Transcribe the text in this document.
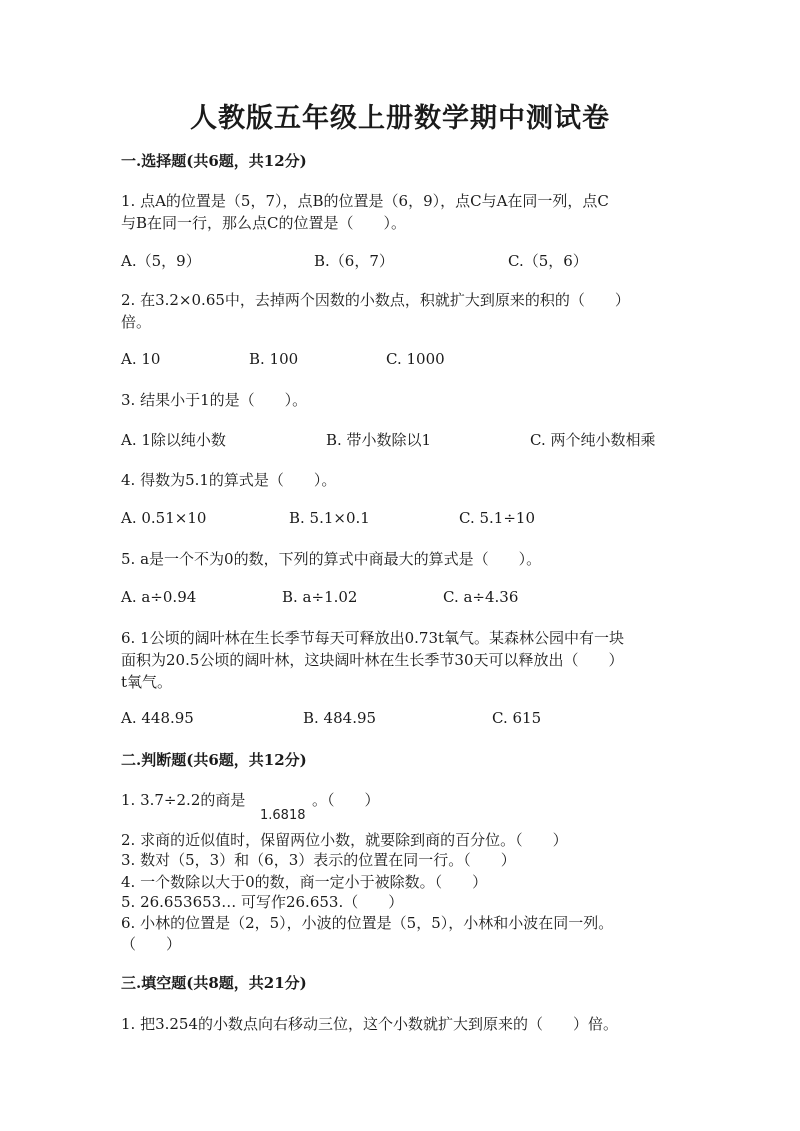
人教版五年级上册数学期中测试卷
一.选择题(共6题，共12分)
1. 点A的位置是（5，7），点B的位置是（6，9），点C与A在同一列，点C
与B在同一行，那么点C的位置是（　　）。
A.（5，9）	B.（6，7）	C.（5，6）
2. 在3.2×0.65中，去掉两个因数的小数点，积就扩大到原来的积的（　　）
倍。
A. 10	B. 100	C. 1000
3. 结果小于1的是（　　）。
A. 1除以纯小数	B. 带小数除以1	C. 两个纯小数相乘
4. 得数为5.1的算式是（　　）。
A. 0.51×10	B. 5.1×0.1	C. 5.1÷10
5. a是一个不为0的数，下列的算式中商最大的算式是（　　）。
A. a÷0.94	B. a÷1.02	C. a÷4.36
6. 1公顷的阔叶林在生长季节每天可释放出0.73t氧气。某森林公园中有一块
面积为20.5公顷的阔叶林，这块阔叶林在生长季节30天可以释放出（　　）
t氧气。
A. 448.95	B. 484.95	C. 615
二.判断题(共6题，共12分)
1. 3.7÷2.2的商是	。（　　）
1.6818
2. 求商的近似值时，保留两位小数，就要除到商的百分位。（　　）
3. 数对（5，3）和（6，3）表示的位置在同一行。（　　）
4. 一个数除以大于0的数，商一定小于被除数。（　　）
5. 26.653653… 可写作26.653.（　　）
6. 小林的位置是（2，5），小波的位置是（5，5），小林和小波在同一列。
（　　）
三.填空题(共8题，共21分)
1. 把3.254的小数点向右移动三位，这个小数就扩大到原来的（　　）倍。
